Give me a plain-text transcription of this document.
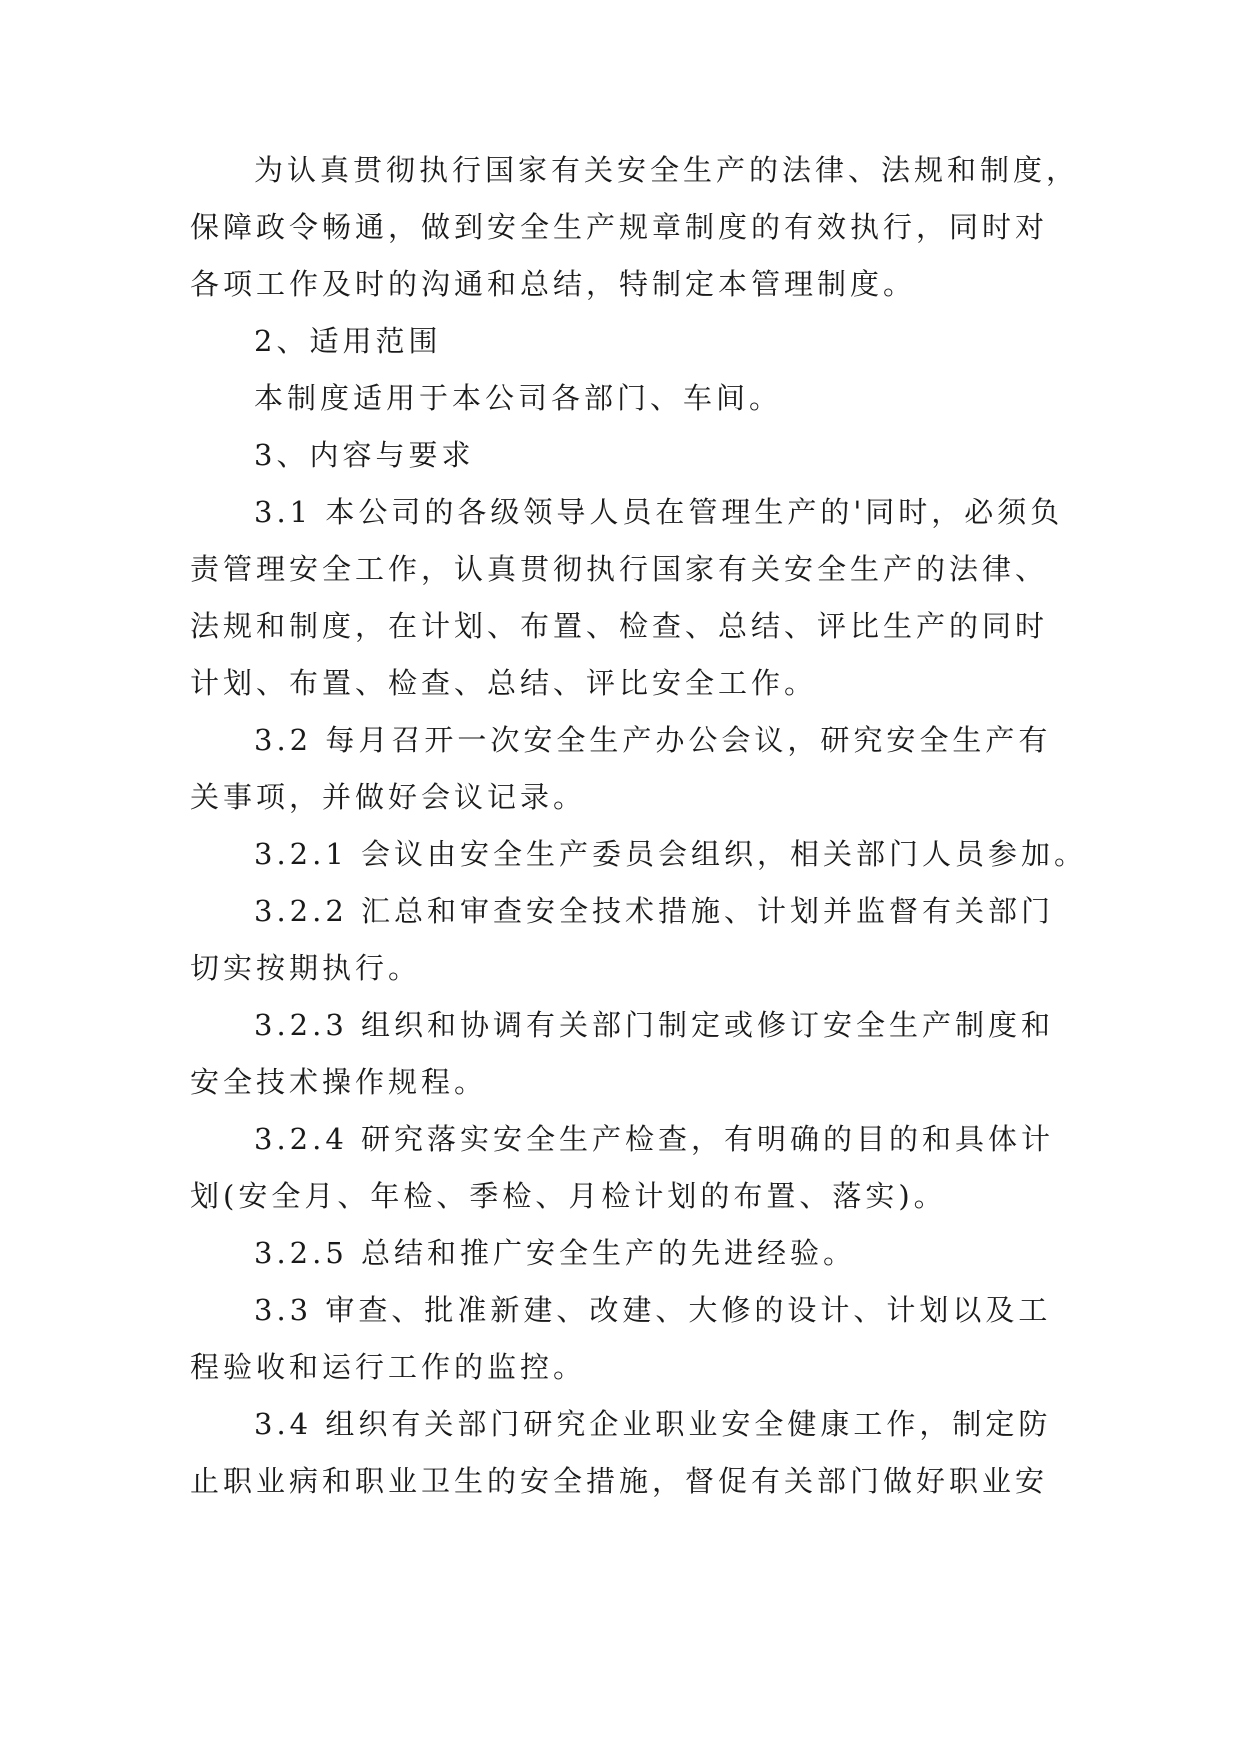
为认真贯彻执行国家有关安全生产的法律、法规和制度，
保障政令畅通，做到安全生产规章制度的有效执行，同时对
各项工作及时的沟通和总结，特制定本管理制度。
2、适用范围
本制度适用于本公司各部门、车间。
3、内容与要求
3.1 本公司的各级领导人员在管理生产的'同时，必须负
责管理安全工作，认真贯彻执行国家有关安全生产的法律、
法规和制度，在计划、布置、检查、总结、评比生产的同时
计划、布置、检查、总结、评比安全工作。
3.2 每月召开一次安全生产办公会议，研究安全生产有
关事项，并做好会议记录。
3.2.1 会议由安全生产委员会组织，相关部门人员参加。
3.2.2 汇总和审查安全技术措施、计划并监督有关部门
切实按期执行。
3.2.3 组织和协调有关部门制定或修订安全生产制度和
安全技术操作规程。
3.2.4 研究落实安全生产检查，有明确的目的和具体计
划(安全月、年检、季检、月检计划的布置、落实)。
3.2.5 总结和推广安全生产的先进经验。
3.3 审查、批准新建、改建、大修的设计、计划以及工
程验收和运行工作的监控。
3.4 组织有关部门研究企业职业安全健康工作，制定防
止职业病和职业卫生的安全措施，督促有关部门做好职业安
